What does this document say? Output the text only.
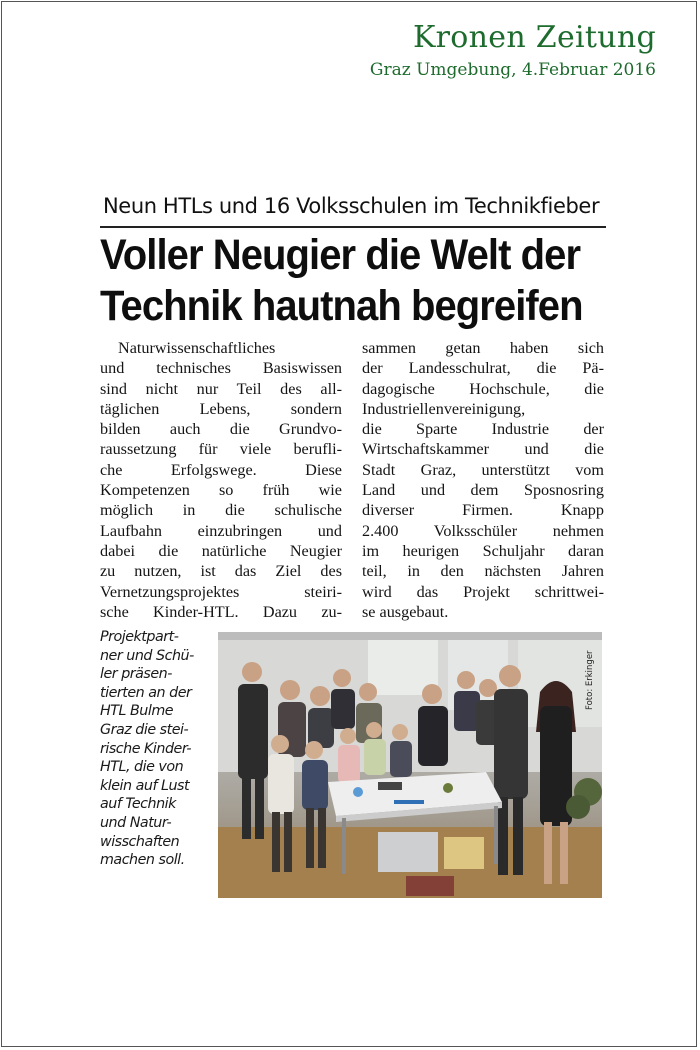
Kronen Zeitung
Graz Umgebung, 4.Februar 2016
Neun HTLs und 16 Volksschulen im Technikfieber
Voller Neugier die Welt der
Technik hautnah begreifen
Naturwissenschaftliches
und technisches Basiswissen
sind nicht nur Teil des all-
täglichen Lebens, sondern
bilden auch die Grundvo-
raussetzung für viele berufli-
che Erfolgswege. Diese
Kompetenzen so früh wie
möglich in die schulische
Laufbahn einzubringen und
dabei die natürliche Neugier
zu nutzen, ist das Ziel des
Vernetzungsprojektes steiri-
sche Kinder-HTL. Dazu zu-
sammen getan haben sich
der Landesschulrat, die Pä-
dagogische Hochschule, die
Industriellenvereinigung,
die Sparte Industrie der
Wirtschaftskammer und die
Stadt Graz, unterstützt vom
Land und dem Sposnosring
diverser Firmen. Knapp
2.400 Volksschüler nehmen
im heurigen Schuljahr daran
teil, in den nächsten Jahren
wird das Projekt schrittwei-
se ausgebaut.
Projektpart-
ner und Schü-
ler präsen-
tierten an der
HTL Bulme
Graz die stei-
rische Kinder-
HTL, die von
klein auf Lust
auf Technik
und Natur-
wisschaften
machen soll.
Foto: Erkinger
